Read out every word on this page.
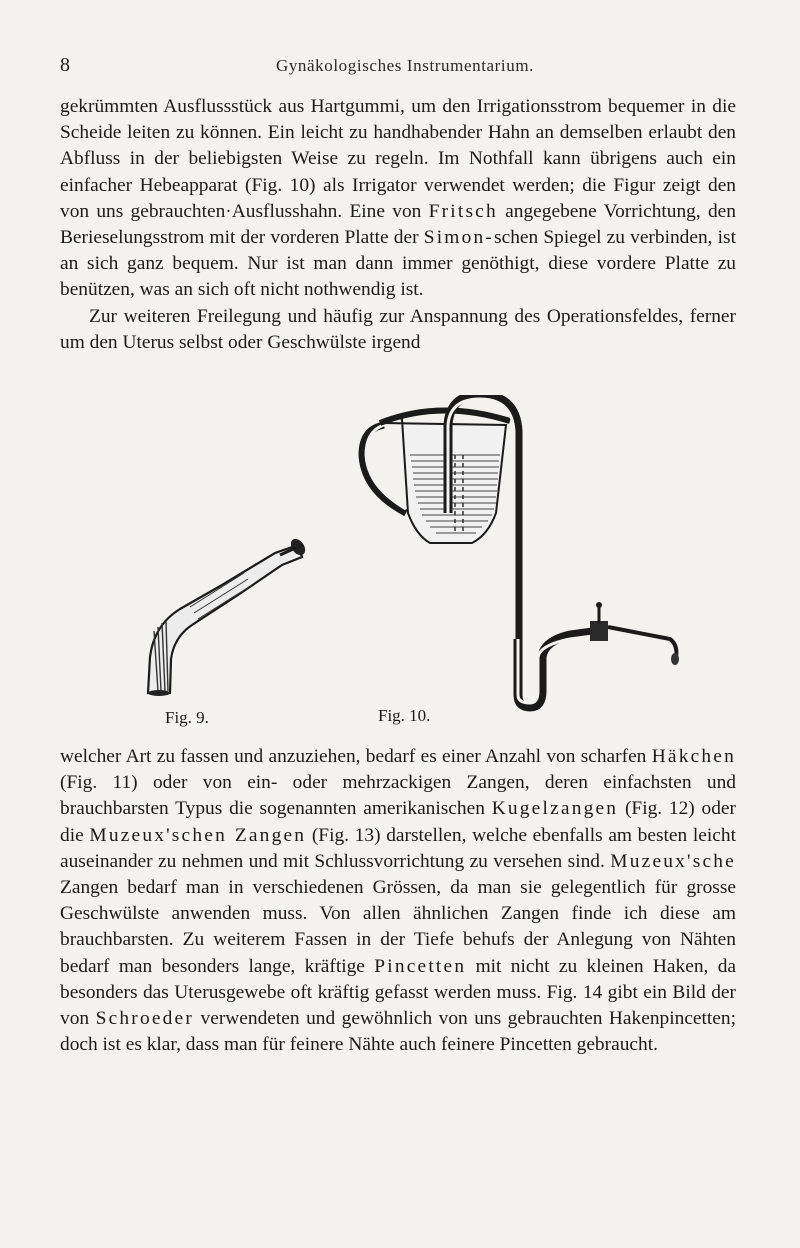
8	Gynäkologisches Instrumentarium.

gekrümmten Ausflussstück aus Hartgummi, um den Irrigationsstrom bequemer in die Scheide leiten zu können. Ein leicht zu handhabender Hahn an demselben erlaubt den Abfluss in der beliebigsten Weise zu regeln. Im Nothfall kann übrigens auch ein einfacher Hebeapparat (Fig. 10) als Irrigator verwendet werden; die Figur zeigt den von uns gebrauchten·Ausflusshahn. Eine von Fritsch angegebene Vorrichtung, den Berieselungsstrom mit der vorderen Platte der Simon-schen Spiegel zu verbinden, ist an sich ganz bequem. Nur ist man dann immer genöthigt, diese vordere Platte zu benützen, was an sich oft nicht nothwendig ist.

Zur weiteren Freilegung und häufig zur Anspannung des Operationsfeldes, ferner um den Uterus selbst oder Geschwülste irgend

Fig. 9.	Fig. 10.

welcher Art zu fassen und anzuziehen, bedarf es einer Anzahl von scharfen Häkchen (Fig. 11) oder von ein- oder mehrzackigen Zangen, deren einfachsten und brauchbarsten Typus die sogenannten amerikanischen Kugelzangen (Fig. 12) oder die Muzeux'schen Zangen (Fig. 13) darstellen, welche ebenfalls am besten leicht auseinander zu nehmen und mit Schlussvorrichtung zu versehen sind. Muzeux'sche Zangen bedarf man in verschiedenen Grössen, da man sie gelegentlich für grosse Geschwülste anwenden muss. Von allen ähnlichen Zangen finde ich diese am brauchbarsten. Zu weiterem Fassen in der Tiefe behufs der Anlegung von Nähten bedarf man besonders lange, kräftige Pincetten mit nicht zu kleinen Haken, da besonders das Uterusgewebe oft kräftig gefasst werden muss. Fig. 14 gibt ein Bild der von Schroeder verwendeten und gewöhnlich von uns gebrauchten Hakenpincetten; doch ist es klar, dass man für feinere Nähte auch feinere Pincetten gebraucht.
